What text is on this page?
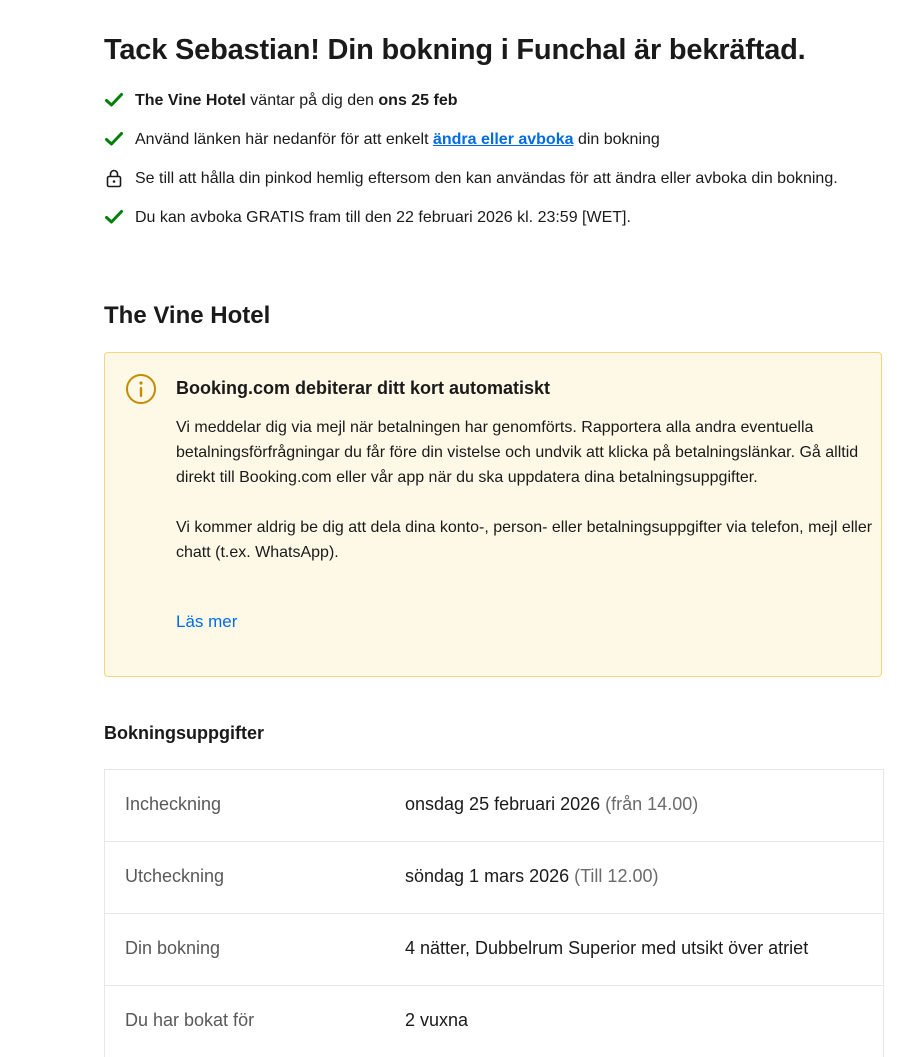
Tack Sebastian! Din bokning i Funchal är bekräftad.
The Vine Hotel väntar på dig den ons 25 feb
Använd länken här nedanför för att enkelt ändra eller avboka din bokning
Se till att hålla din pinkod hemlig eftersom den kan användas för att ändra eller avboka din bokning.
Du kan avboka GRATIS fram till den 22 februari 2026 kl. 23:59 [WET].
The Vine Hotel
Booking.com debiterar ditt kort automatiskt

Vi meddelar dig via mejl när betalningen har genomförts. Rapportera alla andra eventuella betalningsförfrågningar du får före din vistelse och undvik att klicka på betalningslänkar. Gå alltid direkt till Booking.com eller vår app när du ska uppdatera dina betalningsuppgifter.

Vi kommer aldrig be dig att dela dina konto-, person- eller betalningsuppgifter via telefon, mejl eller chatt (t.ex. WhatsApp).

Läs mer
Bokningsuppgifter
Incheckning	onsdag 25 februari 2026 (från 14.00)
Utcheckning	söndag 1 mars 2026 (Till 12.00)
Din bokning	4 nätter, Dubbelrum Superior med utsikt över atriet
Du har bokat för	2 vuxna
